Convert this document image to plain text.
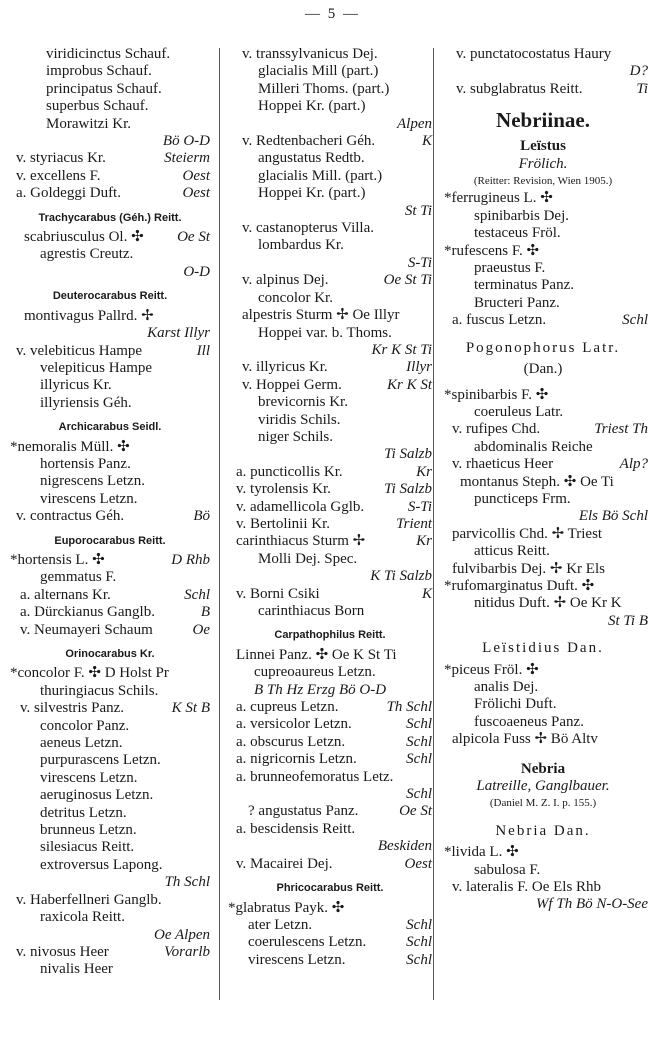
— 5 —
viridicinctus Schauf.
improbus Schauf.
principatus Schauf.
superbus Schauf.
Morawitzi Kr.
Bö O-D
v. styriacus Kr.	Steierm
v. excellens F.	Oest
a. Goldeggi Duft.	Oest
Trachycarabus (Géh.) Reitt.
scabriusculus Ol. ✣ Oe St
agrestis Creutz.
O-D
Deuterocarabus Reitt.
montivagus Pallrd. ✢
Karst Illyr
v. velebiticus Hampe	Ill
velepiticus Hampe
illyricus Kr.
illyriensis Géh.
Archicarabus Seidl.
*nemoralis Müll. ✣
hortensis Panz.
nigrescens Letzn.
virescens Letzn.
v. contractus Géh.	Bö
Euporocarabus Reitt.
*hortensis L. ✣	D Rhb
gemmatus F.
a. alternans Kr.	Schl
a. Dürckianus Ganglb.	B
v. Neumayeri Schaum	Oe
Orinocarabus Kr.
*concolor F. ✣ D Holst Pr
thuringiacus Schils.
v. silvestris Panz.	K St B
concolor Panz.
aeneus Letzn.
purpurascens Letzn.
virescens Letzn.
aeruginosus Letzn.
detritus Letzn.
brunneus Letzn.
silesiacus Reitt.
extroversus Lapong.
Th Schl
v. Haberfellneri Ganglb.
raxicola Reitt.
Oe Alpen
v. nivosus Heer	Vorarlb
nivalis Heer
v. transsylvanicus Dej.
glacialis Mill (part.)
Milleri Thoms. (part.)
Hoppei Kr. (part.)
Alpen
v. Redtenbacheri Géh.	K
angustatus Redtb.
glacialis Mill. (part.)
Hoppei Kr. (part.)
St Ti
v. castanopterus Villa.
lombardus Kr.
S-Ti
v. alpinus Dej.	Oe St Ti
concolor Kr.
alpestris Sturm ✢ Oe Illyr
Hoppei var. b. Thoms.
Kr K St Ti
v. illyricus Kr.	Illyr
v. Hoppei Germ.	Kr K St
brevicornis Kr.
viridis Schils.
niger Schils.
Ti Salzb
a. puncticollis Kr.	Kr
v. tyrolensis Kr.	Ti Salzb
v. adamellicola Gglb.	S-Ti
v. Bertolinii Kr.	Trient
carinthiacus Sturm ✢	Kr
Molli Dej. Spec.
K Ti Salzb
v. Borni Csiki	K
carinthiacus Born
Carpathophilus Reitt.
Linnei Panz. ✣ Oe K St Ti
cupreoaureus Letzn.
B Th Hz Erzg Bö O-D
a. cupreus Letzn.	Th Schl
a. versicolor Letzn.	Schl
a. obscurus Letzn.	Schl
a. nigricornis Letzn.	Schl
a. brunneofemoratus Letz.
Schl
? angustatus Panz.	Oe St
a. bescidensis Reitt.
Beskiden
v. Macairei Dej.	Oest
Phricocarabus Reitt.
*glabratus Payk. ✣
ater Letzn.	Schl
coerulescens Letzn.	Schl
virescens Letzn.	Schl
v. punctatocostatus Haury
D?
v. subglabratus Reitt.	Ti
Nebriinae.
Leïstus
Frölich.
(Reitter: Revision, Wien 1905.)
*ferrugineus L. ✣
spinibarbis Dej.
testaceus Fröl.
*rufescens F. ✣
praeustus F.
terminatus Panz.
Bructeri Panz.
a. fuscus Letzn.	Schl
Pogonophorus Latr.
(Dan.)
*spinibarbis F. ✣
coeruleus Latr.
v. rufipes Chd.	Triest Th
abdominalis Reiche
v. rhaeticus Heer	Alp?
montanus Steph. ✣ Oe Ti
puncticeps Frm.
Els Bö Schl
parvicollis Chd. ✢ Triest
atticus Reitt.
fulvibarbis Dej. ✢ Kr Els
*rufomarginatus Duft. ✣
nitidus Duft. ✢ Oe Kr K
St Ti B
Leïstidius Dan.
*piceus Fröl. ✣
analis Dej.
Frölichi Duft.
fuscoaeneus Panz.
alpicola Fuss ✢ Bö Altv
Nebria
Latreille, Ganglbauer.
(Daniel M. Z. I. p. 155.)
Nebria Dan.
*livida L. ✣
sabulosa F.
v. lateralis F. Oe Els Rhb
Wf Th Bö N-O-See
